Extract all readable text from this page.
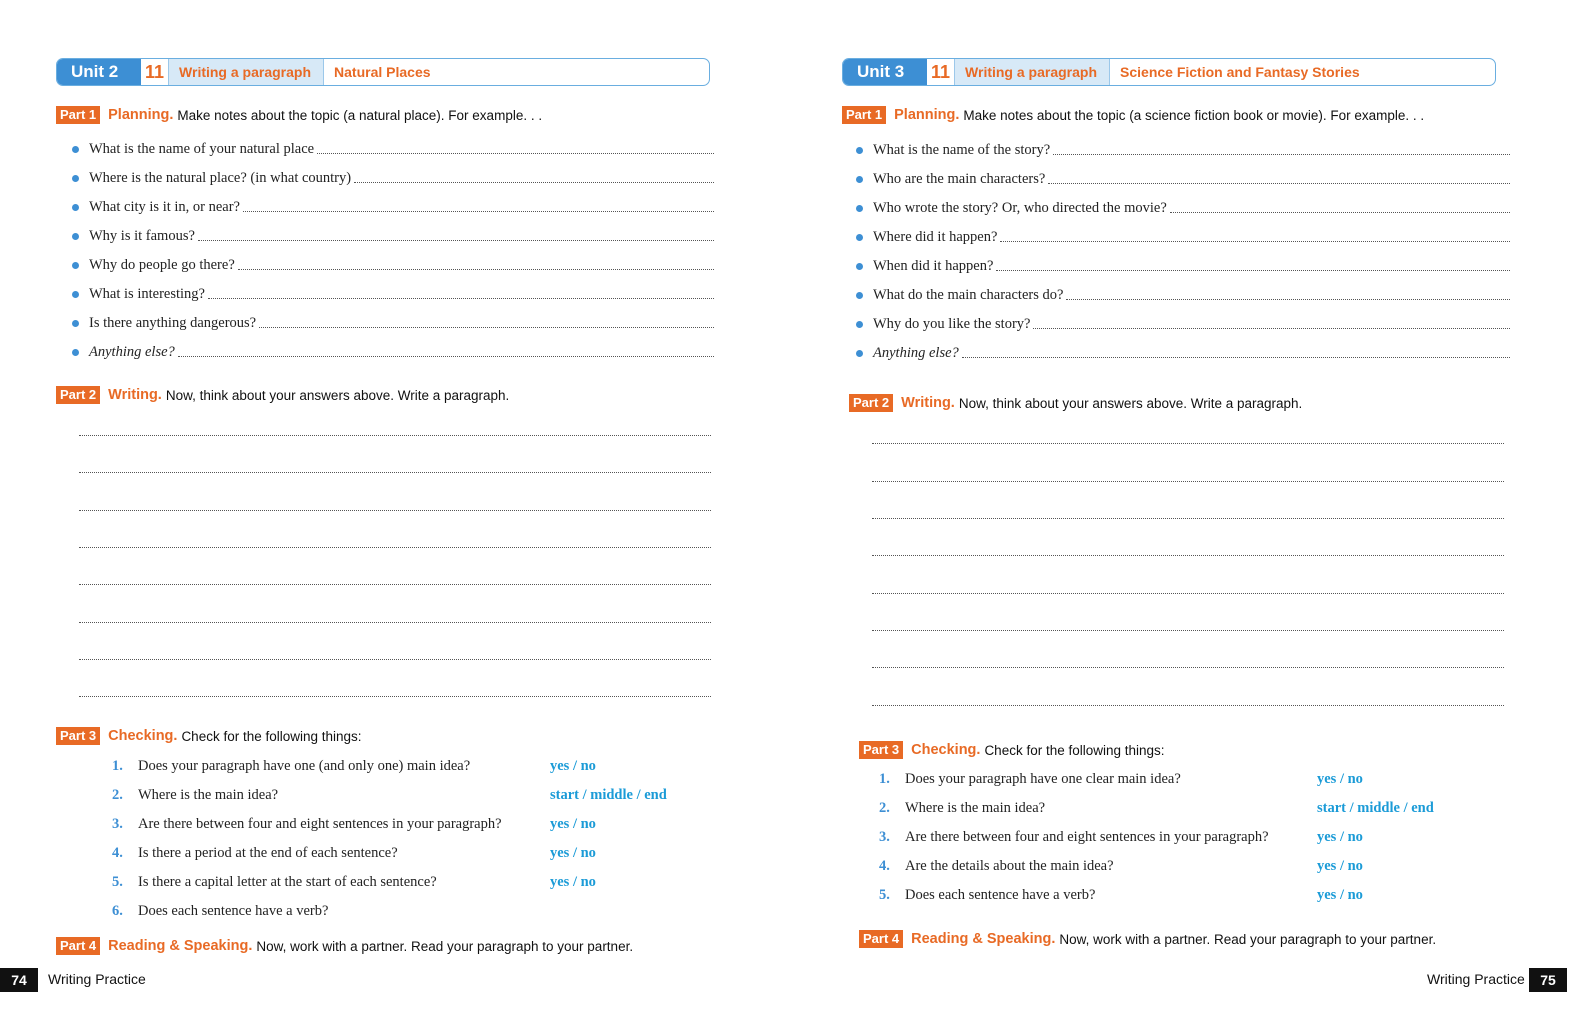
Unit 2	11	Writing a paragraph	Natural Places
Part 1 Planning. Make notes about the topic (a natural place). For example. . .
What is the name of your natural place
Where is the natural place? (in what country)
What city is it in, or near?
Why is it famous?
Why do people go there?
What is interesting?
Is there anything dangerous?
Anything else?
Part 2 Writing. Now, think about your answers above. Write a paragraph.
Part 3 Checking. Check for the following things:
1.	Does your paragraph have one (and only one) main idea?	yes / no
2.	Where is the main idea?	start / middle / end
3.	Are there between four and eight sentences in your paragraph?	yes / no
4.	Is there a period at the end of each sentence?	yes / no
5.	Is there a capital letter at the start of each sentence?	yes / no
6.	Does each sentence have a verb?
Part 4 Reading & Speaking. Now, work with a partner. Read your paragraph to your partner.
74	Writing Practice
Unit 3	11	Writing a paragraph	Science Fiction and Fantasy Stories
Part 1 Planning. Make notes about the topic (a science fiction book or movie). For example. . .
What is the name of the story?
Who are the main characters?
Who wrote the story? Or, who directed the movie?
Where did it happen?
When did it happen?
What do the main characters do?
Why do you like the story?
Anything else?
Part 2 Writing. Now, think about your answers above. Write a paragraph.
Part 3 Checking. Check for the following things:
1.	Does your paragraph have one clear main idea?	yes / no
2.	Where is the main idea?	start / middle / end
3.	Are there between four and eight sentences in your paragraph?	yes / no
4.	Are the details about the main idea?	yes / no
5.	Does each sentence have a verb?	yes / no
Part 4 Reading & Speaking. Now, work with a partner. Read your paragraph to your partner.
Writing Practice	75
